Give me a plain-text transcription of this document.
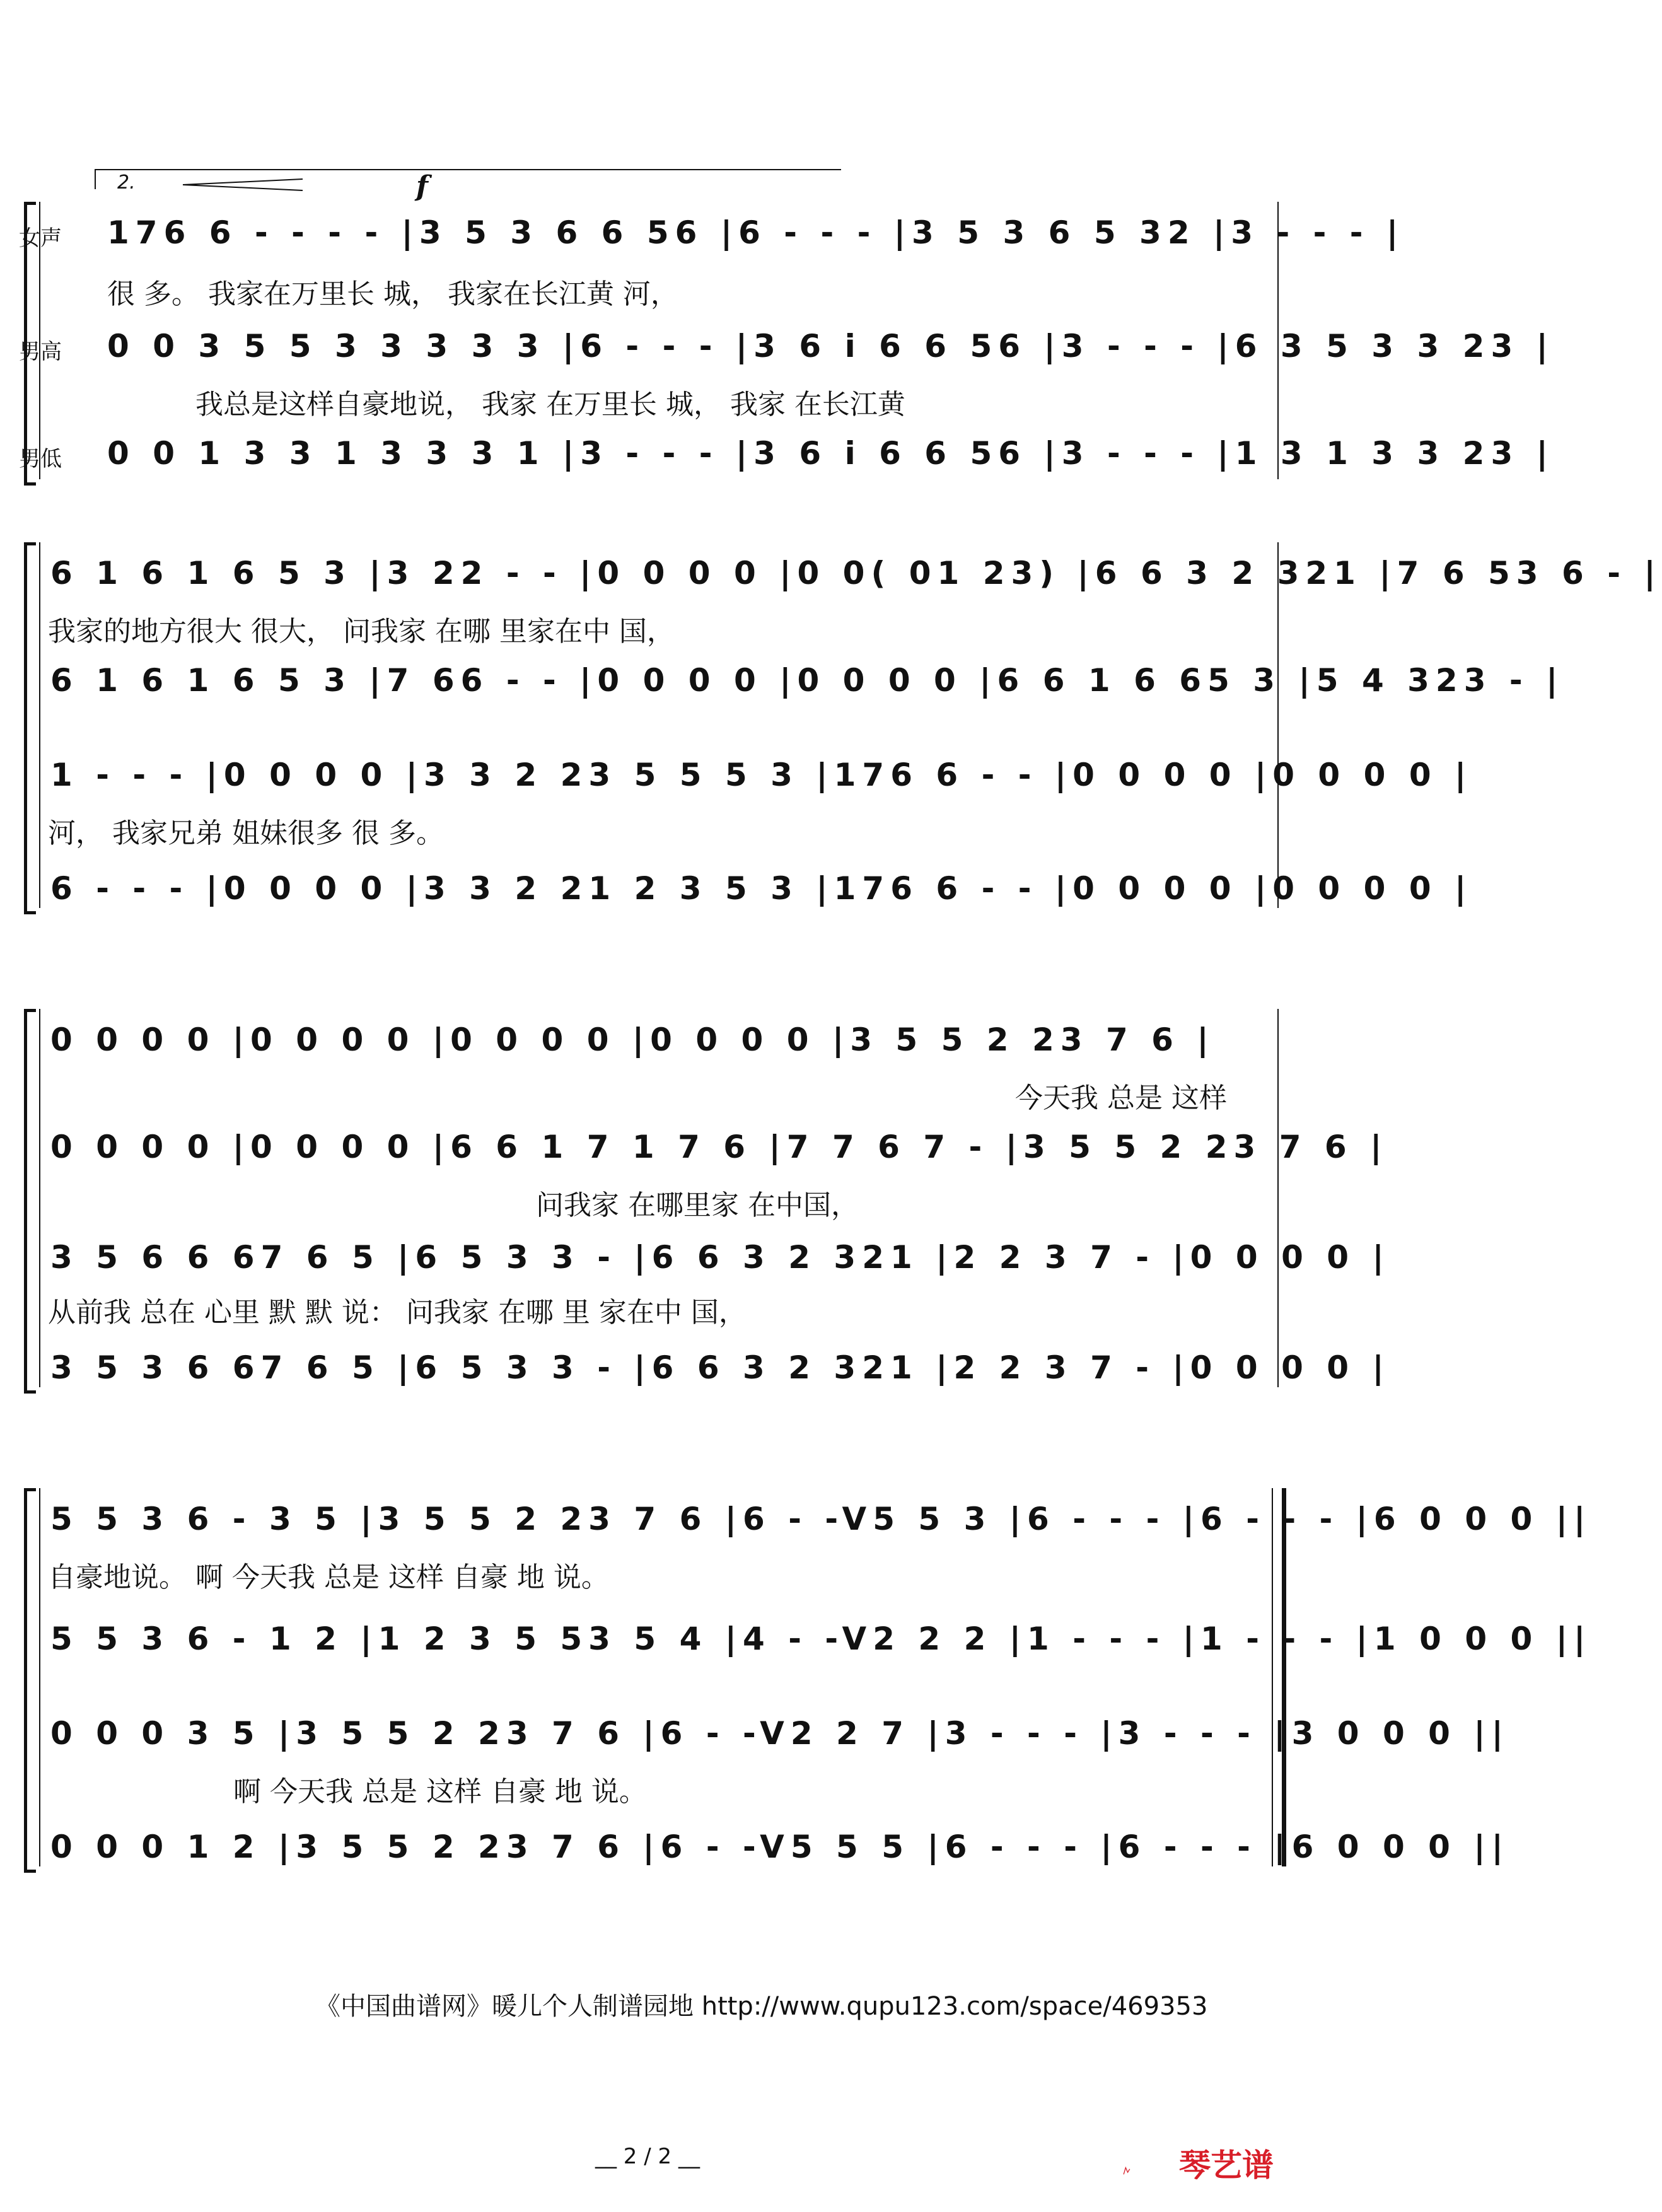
2.	f
女声 176 6 - - - - |3 5 3 6 6 56 |6 - - - |3 5 3 6 5 32 |3 - - - |
很 多。 我家在万里长 城， 我家在长江黄 河，
男高 0 0 3 5 5 3 3 3 3 3 |6 - - - |3 6 i 6 6 56 |3 - - - |6 3 5 3 3 23 |
我总是这样自豪地说， 我家 在万里长 城， 我家 在长江黄
男低 0 0 1 3 3 1 3 3 3 1 |3 - - - |3 6 i 6 6 56 |3 - - - |1 3 1 3 3 23 |
6 1 6 1 6 5 3 |3 22 - - |0 0 0 0 |0 0( 01 23) |6 6 3 2 321 |7 6 53 6 - |
我家的地方很大 很大， 问我家 在哪 里家在中 国，
6 1 6 1 6 5 3 |7 66 - - |0 0 0 0 |0 0 0 0 |6 6 1 6 65 3 |5 4 323 - |
1 - - - |0 0 0 0 |3 3 2 23 5 5 5 3 |176 6 - - |0 0 0 0 |0 0 0 0 |
河， 我家兄弟 姐妹很多 很 多。
6 - - - |0 0 0 0 |3 3 2 21 2 3 5 3 |176 6 - - |0 0 0 0 |0 0 0 0 |
0 0 0 0 |0 0 0 0 |0 0 0 0 |0 0 0 0 |3 5 5 2 23 7 6 |
今天我 总是 这样
0 0 0 0 |0 0 0 0 |6 6 1 7 1 7 6 |7 7 6 7 - |3 5 5 2 23 7 6 |
问我家 在哪里家 在中国，
3 5 6 6 67 6 5 |6 5 3 3 - |6 6 3 2 321 |2 2 3 7 - |0 0 0 0 |
从前我 总在 心里 默 默 说： 问我家 在哪 里 家在中 国，
3 5 3 6 67 6 5 |6 5 3 3 - |6 6 3 2 321 |2 2 3 7 - |0 0 0 0 |
5 5 3 6 - 3 5 |3 5 5 2 23 7 6 |6 - -V5 5 3 |6 - - - |6 - - - |6 0 0 0 ||
自豪地说。 啊 今天我 总是 这样 自豪 地 说。
5 5 3 6 - 1 2 |1 2 3 5 53 5 4 |4 - -V2 2 2 |1 - - - |1 - - - |1 0 0 0 ||
0 0 0 3 5 |3 5 5 2 23 7 6 |6 - -V2 2 7 |3 - - - |3 - - - |3 0 0 0 ||
啊 今天我 总是 这样 自豪 地 说。
0 0 0 1 2 |3 5 5 2 23 7 6 |6 - -V5 5 5 |6 - - - |6 - - - |6 0 0 0 ||
《中国曲谱网》暖儿个人制谱园地 http://www.qupu123.com/space/469353
__ 2 / 2 __	琴艺谱
